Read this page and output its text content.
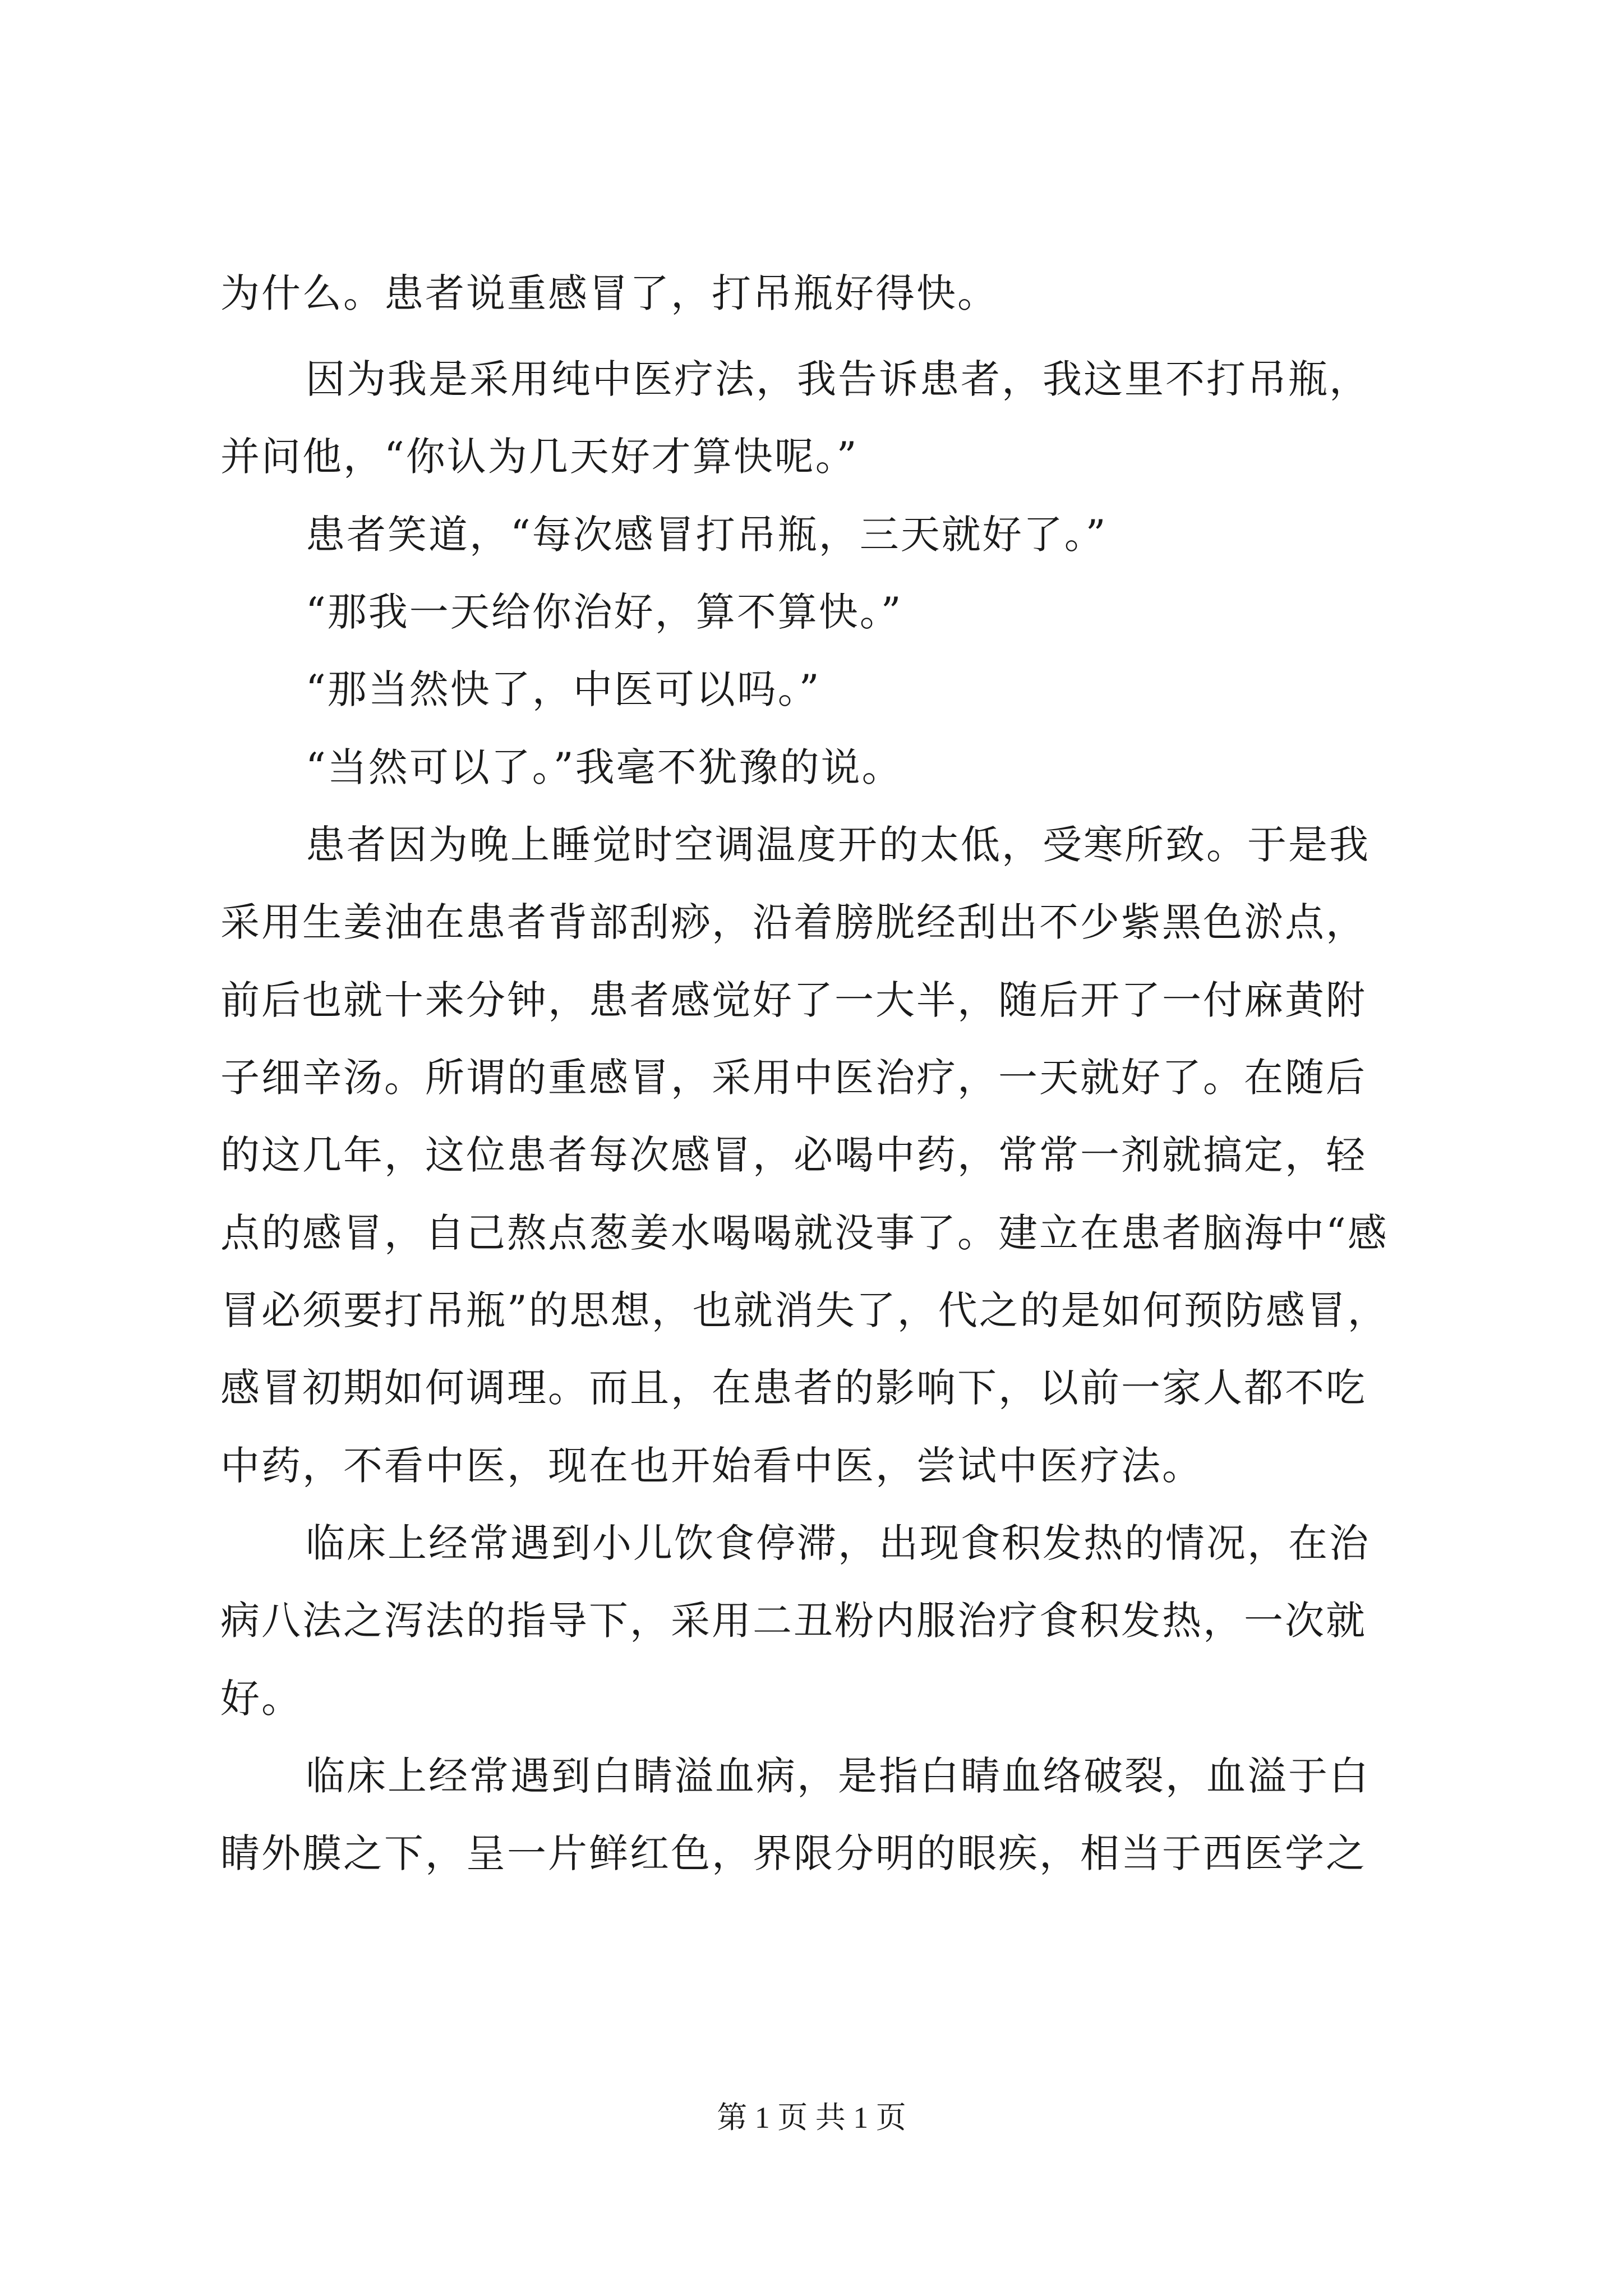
为什么。患者说重感冒了，打吊瓶好得快。
因为我是采用纯中医疗法，我告诉患者，我这里不打吊瓶，
并问他，“你认为几天好才算快呢。”
患者笑道，“每次感冒打吊瓶，三天就好了。”
“那我一天给你治好，算不算快。”
“那当然快了，中医可以吗。”
“当然可以了。”我毫不犹豫的说。
患者因为晚上睡觉时空调温度开的太低，受寒所致。于是我
采用生姜油在患者背部刮痧，沿着膀胱经刮出不少紫黑色淤点，
前后也就十来分钟，患者感觉好了一大半，随后开了一付麻黄附
子细辛汤。所谓的重感冒，采用中医治疗，一天就好了。在随后
的这几年，这位患者每次感冒，必喝中药，常常一剂就搞定，轻
点的感冒，自己熬点葱姜水喝喝就没事了。建立在患者脑海中“感
冒必须要打吊瓶”的思想，也就消失了，代之的是如何预防感冒，
感冒初期如何调理。而且，在患者的影响下，以前一家人都不吃
中药，不看中医，现在也开始看中医，尝试中医疗法。
临床上经常遇到小儿饮食停滞，出现食积发热的情况，在治
病八法之泻法的指导下，采用二丑粉内服治疗食积发热，一次就
好。
临床上经常遇到白睛溢血病，是指白睛血络破裂，血溢于白
睛外膜之下，呈一片鲜红色，界限分明的眼疾，相当于西医学之
第 1 页 共 1 页
